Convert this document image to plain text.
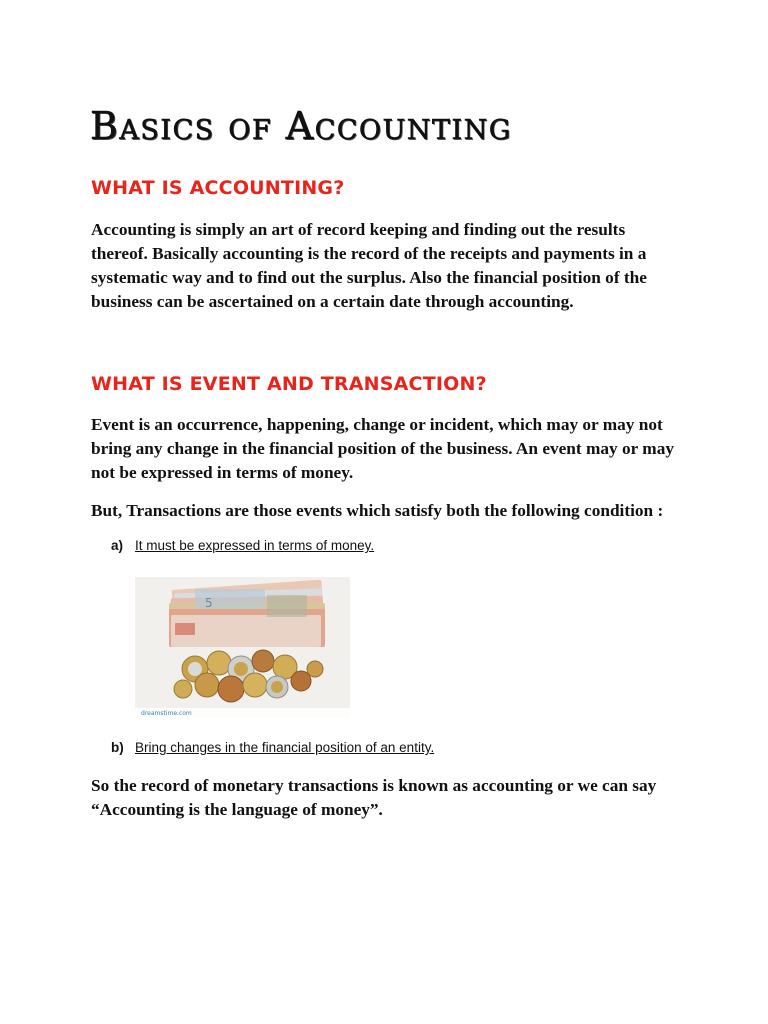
Basics of Accounting
WHAT IS ACCOUNTING?

Accounting is simply an art of record keeping and finding out the results thereof. Basically accounting is the record of the receipts and payments in a systematic way and to find out the surplus. Also the financial position of the business can be ascertained on a certain date through accounting.

WHAT IS EVENT AND TRANSACTION?

Event is an occurrence, happening, change or incident, which may or may not bring any change in the financial position of the business. An event may or may not be expressed in terms of money.

But, Transactions are those events which satisfy both the following condition :

a) It must be expressed in terms of money.
5
dreamstime.com
b) Bring changes in the financial position of an entity.

So the record of monetary transactions is known as accounting or we can say “Accounting is the language of money”.
